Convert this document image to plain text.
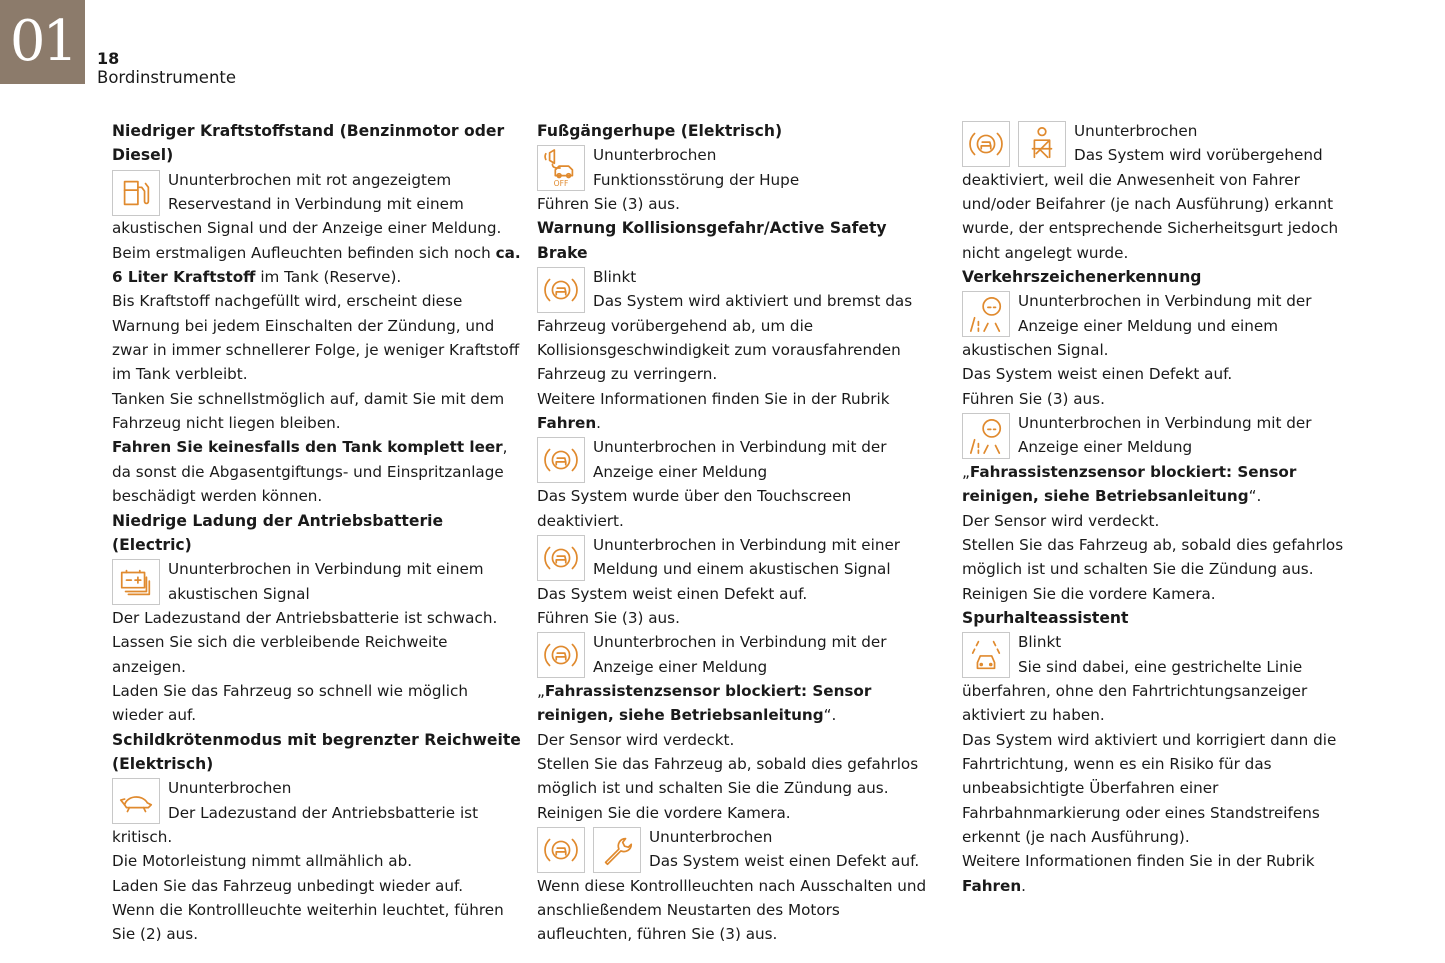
01	18
Bordinstrumente
Niedriger Kraftstoffstand (Benzinmotor oder Diesel)
Ununterbrochen mit rot angezeigtem Reservestand in Verbindung mit einem akustischen Signal und der Anzeige einer Meldung.
Beim erstmaligen Aufleuchten befinden sich noch ca. 6 Liter Kraftstoff im Tank (Reserve).
Bis Kraftstoff nachgefüllt wird, erscheint diese Warnung bei jedem Einschalten der Zündung, und zwar in immer schnellerer Folge, je weniger Kraftstoff im Tank verbleibt.
Tanken Sie schnellstmöglich auf, damit Sie mit dem Fahrzeug nicht liegen bleiben.
Fahren Sie keinesfalls den Tank komplett leer, da sonst die Abgasentgiftungs- und Einspritzanlage beschädigt werden können.
Niedrige Ladung der Antriebsbatterie (Electric)
Ununterbrochen in Verbindung mit einem akustischen Signal
Der Ladezustand der Antriebsbatterie ist schwach.
Lassen Sie sich die verbleibende Reichweite anzeigen.
Laden Sie das Fahrzeug so schnell wie möglich wieder auf.
Schildkrötenmodus mit begrenzter Reichweite (Elektrisch)
Ununterbrochen
Der Ladezustand der Antriebsbatterie ist kritisch.
Die Motorleistung nimmt allmählich ab.
Laden Sie das Fahrzeug unbedingt wieder auf.
Wenn die Kontrollleuchte weiterhin leuchtet, führen Sie (2) aus.
Fußgängerhupe (Elektrisch)
OFF
Ununterbrochen
Funktionsstörung der Hupe
Führen Sie (3) aus.
Warnung Kollisionsgefahr/Active Safety Brake
Blinkt
Das System wird aktiviert und bremst das Fahrzeug vorübergehend ab, um die Kollisionsgeschwindigkeit zum vorausfahrenden Fahrzeug zu verringern.
Weitere Informationen finden Sie in der Rubrik Fahren.
Ununterbrochen in Verbindung mit der Anzeige einer Meldung
Das System wurde über den Touchscreen deaktiviert.
Ununterbrochen in Verbindung mit einer Meldung und einem akustischen Signal
Das System weist einen Defekt auf.
Führen Sie (3) aus.
Ununterbrochen in Verbindung mit der Anzeige einer Meldung „Fahrassistenzsensor blockiert: Sensor reinigen, siehe Betriebsanleitung“.
Der Sensor wird verdeckt.
Stellen Sie das Fahrzeug ab, sobald dies gefahrlos möglich ist und schalten Sie die Zündung aus.
Reinigen Sie die vordere Kamera.
Ununterbrochen
Das System weist einen Defekt auf.
Wenn diese Kontrollleuchten nach Ausschalten und anschließendem Neustarten des Motors aufleuchten, führen Sie (3) aus.
Ununterbrochen
Das System wird vorübergehend deaktiviert, weil die Anwesenheit von Fahrer und/oder Beifahrer (je nach Ausführung) erkannt wurde, der entsprechende Sicherheitsgurt jedoch nicht angelegt wurde.
Verkehrszeichenerkennung
Ununterbrochen in Verbindung mit der Anzeige einer Meldung und einem akustischen Signal.
Das System weist einen Defekt auf.
Führen Sie (3) aus.
Ununterbrochen in Verbindung mit der Anzeige einer Meldung „Fahrassistenzsensor blockiert: Sensor reinigen, siehe Betriebsanleitung“.
Der Sensor wird verdeckt.
Stellen Sie das Fahrzeug ab, sobald dies gefahrlos möglich ist und schalten Sie die Zündung aus.
Reinigen Sie die vordere Kamera.
Spurhalteassistent
Blinkt
Sie sind dabei, eine gestrichelte Linie überfahren, ohne den Fahrtrichtungsanzeiger aktiviert zu haben.
Das System wird aktiviert und korrigiert dann die Fahrtrichtung, wenn es ein Risiko für das unbeabsichtigte Überfahren einer Fahrbahnmarkierung oder eines Standstreifens erkennt (je nach Ausführung).
Weitere Informationen finden Sie in der Rubrik Fahren.
